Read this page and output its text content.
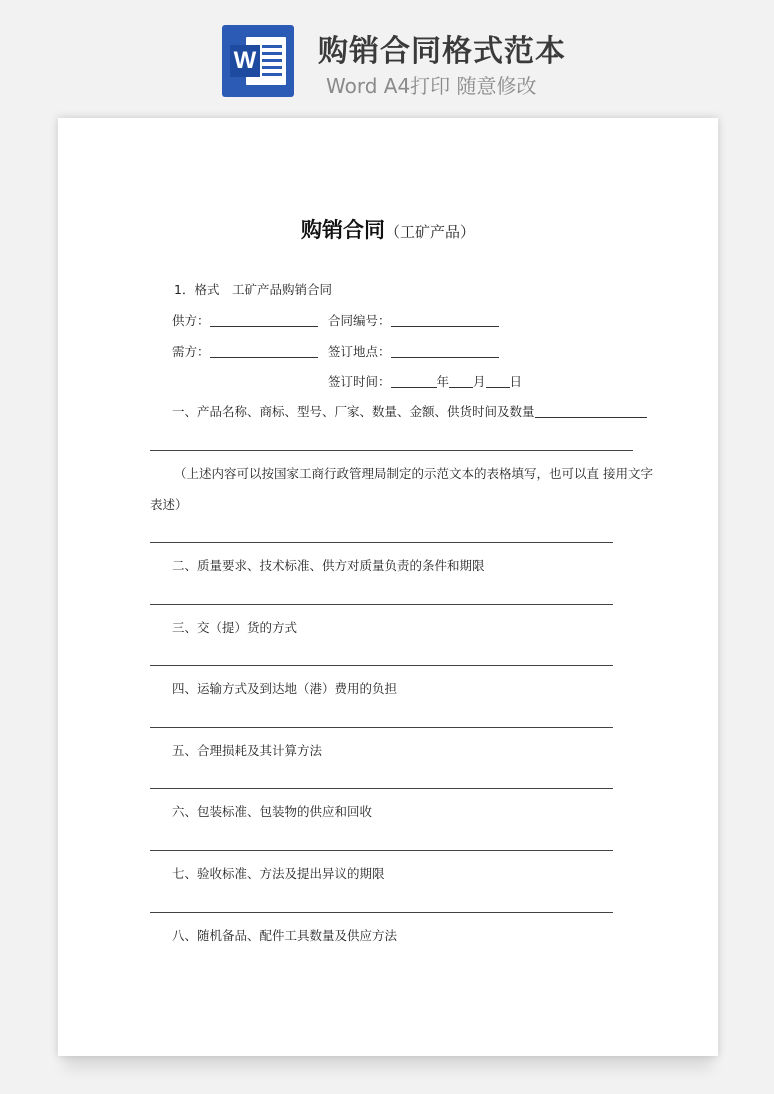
W 购销合同格式范本
Word A4打印 随意修改

购销合同（工矿产品）
1．格式　工矿产品购销合同
供方：	合同编号：
需方：	签订地点：
签订时间：	年 月 日
一、产品名称、商标、型号、厂家、数量、金额、供货时间及数量
（上述内容可以按国家工商行政管理局制定的示范文本的表格填写，也可以直 接用文字
表述）
二、质量要求、技术标准、供方对质量负责的条件和期限
三、交（提）货的方式
四、运输方式及到达地（港）费用的负担
五、合理损耗及其计算方法
六、包装标准、包装物的供应和回收
七、验收标准、方法及提出异议的期限
八、随机备品、配件工具数量及供应方法
